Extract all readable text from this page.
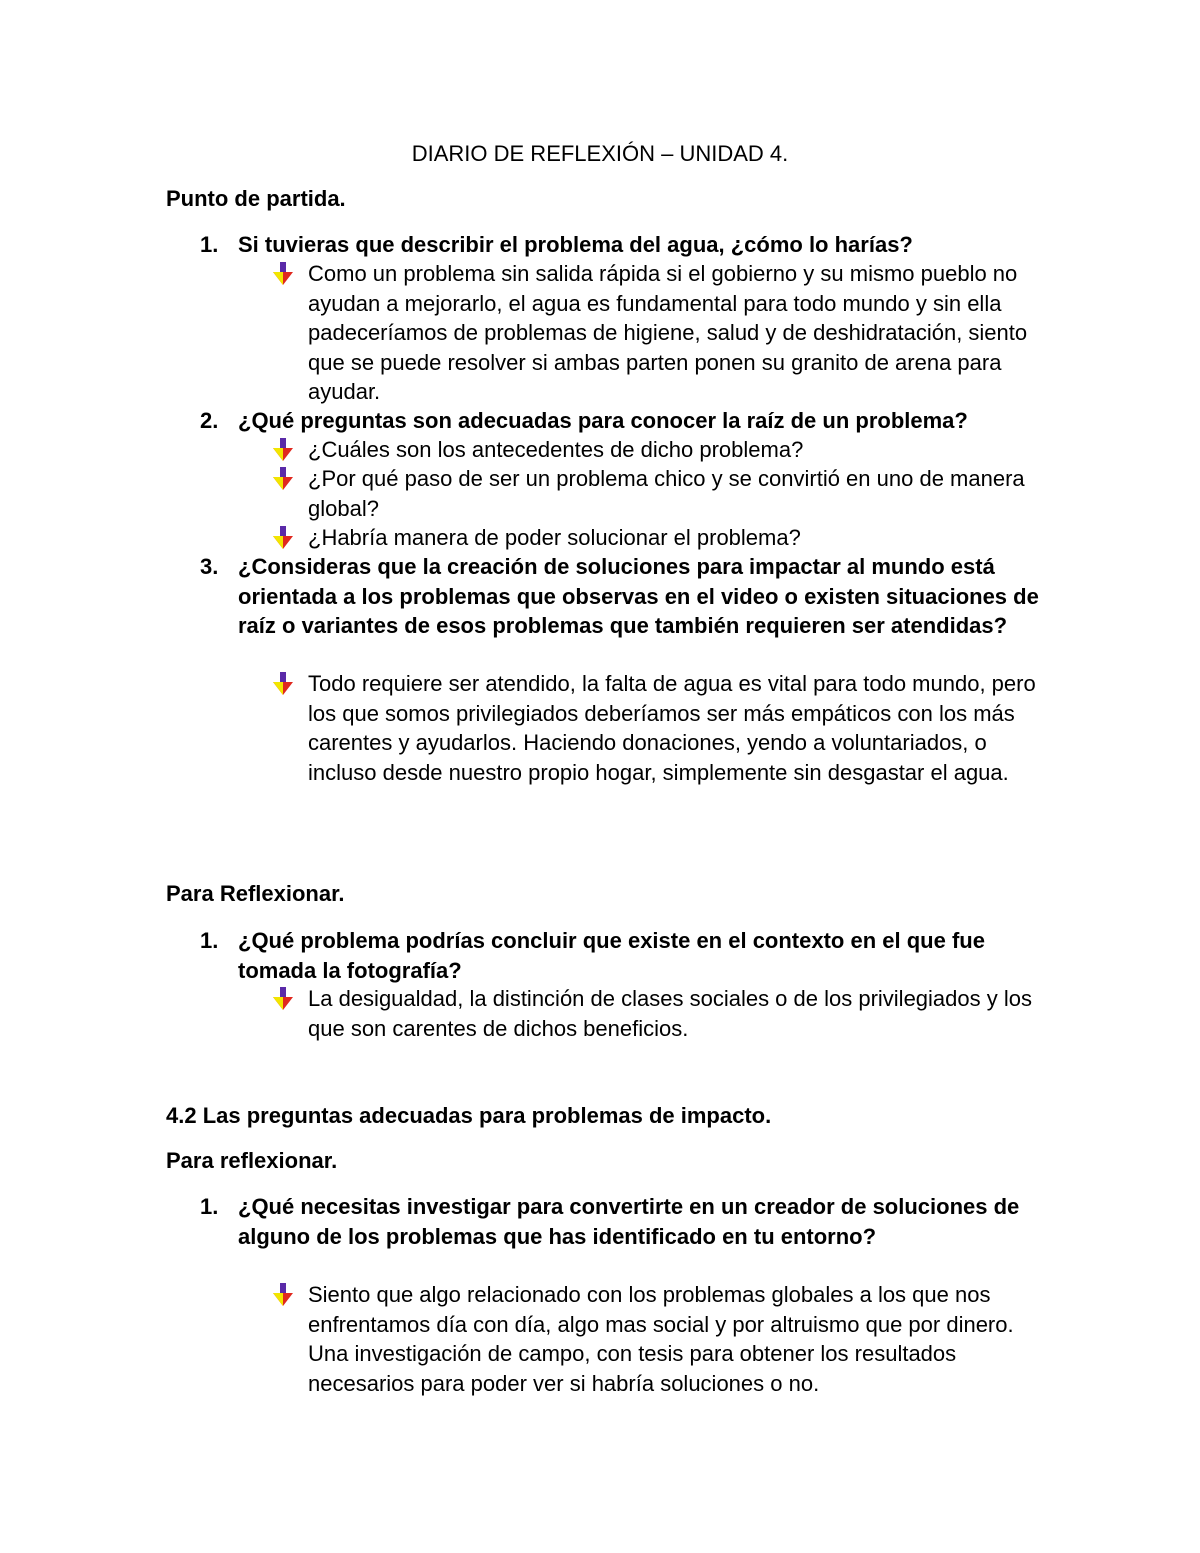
DIARIO DE REFLEXIÓN – UNIDAD 4.
Punto de partida.
1. Si tuvieras que describir el problema del agua, ¿cómo lo harías?
Como un problema sin salida rápida si el gobierno y su mismo pueblo no ayudan a mejorarlo, el agua es fundamental para todo mundo y sin ella padeceríamos de problemas de higiene, salud y de deshidratación, siento que se puede resolver si ambas parten ponen su granito de arena para ayudar.
2. ¿Qué preguntas son adecuadas para conocer la raíz de un problema?
¿Cuáles son los antecedentes de dicho problema?
¿Por qué paso de ser un problema chico y se convirtió en uno de manera global?
¿Habría manera de poder solucionar el problema?
3. ¿Consideras que la creación de soluciones para impactar al mundo está orientada a los problemas que observas en el video o existen situaciones de raíz o variantes de esos problemas que también requieren ser atendidas?
Todo requiere ser atendido, la falta de agua es vital para todo mundo, pero los que somos privilegiados deberíamos ser más empáticos con los más carentes y ayudarlos. Haciendo donaciones, yendo a voluntariados, o incluso desde nuestro propio hogar, simplemente sin desgastar el agua.
Para Reflexionar.
1. ¿Qué problema podrías concluir que existe en el contexto en el que fue tomada la fotografía?
La desigualdad, la distinción de clases sociales o de los privilegiados y los que son carentes de dichos beneficios.
4.2 Las preguntas adecuadas para problemas de impacto.
Para reflexionar.
1. ¿Qué necesitas investigar para convertirte en un creador de soluciones de alguno de los problemas que has identificado en tu entorno?
Siento que algo relacionado con los problemas globales a los que nos enfrentamos día con día, algo mas social y por altruismo que por dinero. Una investigación de campo, con tesis para obtener los resultados necesarios para poder ver si habría soluciones o no.
